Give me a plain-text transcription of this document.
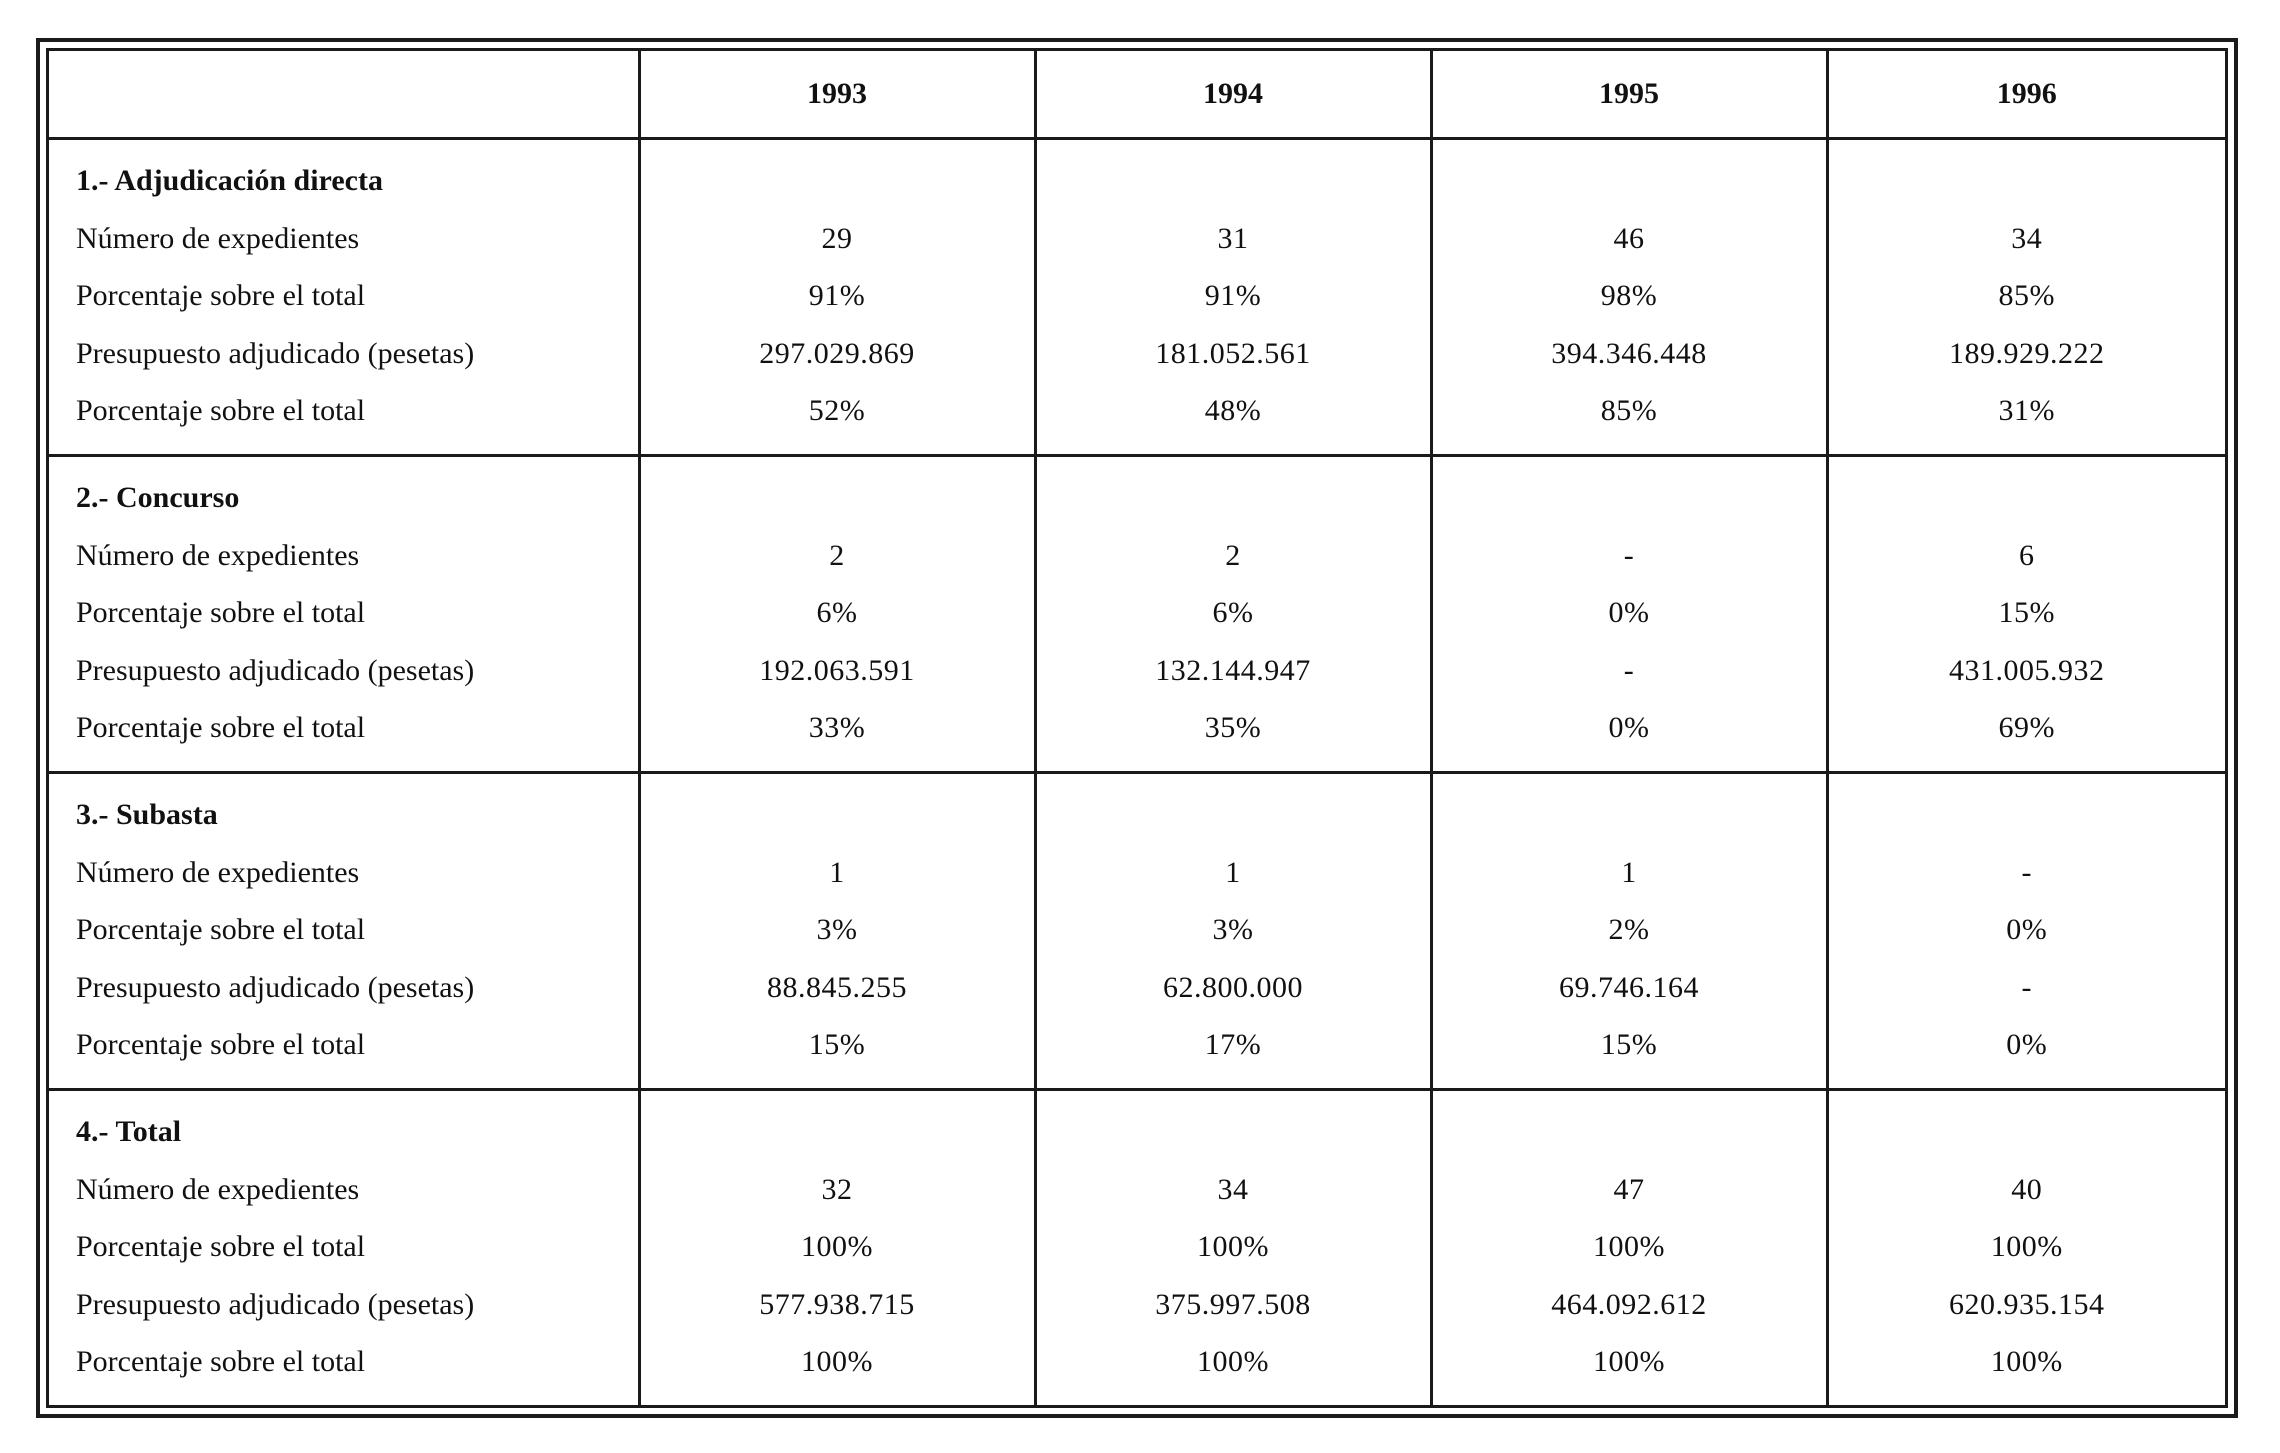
	1993	1994	1995	1996
1.- Adjudicación directa				
Número de expedientes	29	31	46	34
Porcentaje sobre el total	91%	91%	98%	85%
Presupuesto adjudicado (pesetas)	297.029.869	181.052.561	394.346.448	189.929.222
Porcentaje sobre el total	52%	48%	85%	31%
2.- Concurso				
Número de expedientes	2	2	-	6
Porcentaje sobre el total	6%	6%	0%	15%
Presupuesto adjudicado (pesetas)	192.063.591	132.144.947	-	431.005.932
Porcentaje sobre el total	33%	35%	0%	69%
3.- Subasta				
Número de expedientes	1	1	1	-
Porcentaje sobre el total	3%	3%	2%	0%
Presupuesto adjudicado (pesetas)	88.845.255	62.800.000	69.746.164	-
Porcentaje sobre el total	15%	17%	15%	0%
4.- Total				
Número de expedientes	32	34	47	40
Porcentaje sobre el total	100%	100%	100%	100%
Presupuesto adjudicado (pesetas)	577.938.715	375.997.508	464.092.612	620.935.154
Porcentaje sobre el total	100%	100%	100%	100%
